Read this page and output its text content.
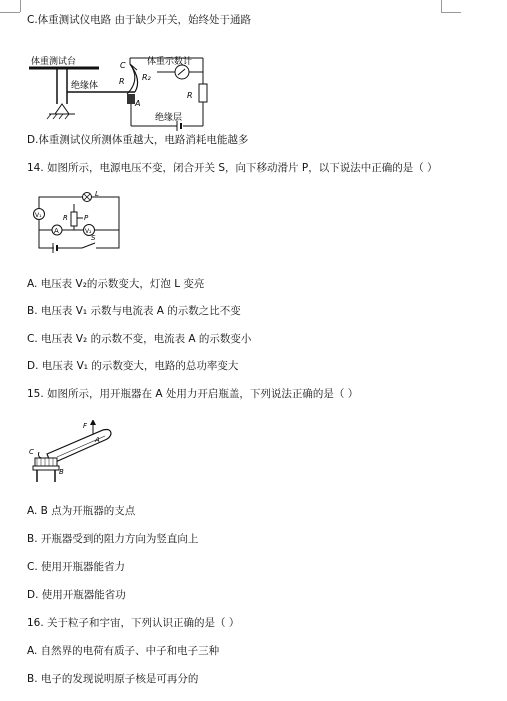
C.体重测试仪电路 由于缺少开关，始终处于通路
体重测试台
绝缘体
C
R R₂
A
体重示数计
R
绝缘层
D.体重测试仪所测体重越大，电路消耗电能越多
14. 如图所示，电源电压不变，闭合开关 S，向下移动滑片 P，以下说法中正确的是（ ）
L
V₁
A
R P
V₂
S
A. 电压表 V₂的示数变大，灯泡 L 变亮
B. 电压表 V₁ 示数与电流表 A 的示数之比不变
C. 电压表 V₂ 的示数不变，电流表 A 的示数变小
D. 电压表 V₁ 的示数变大，电路的总功率变大
15. 如图所示，用开瓶器在 A 处用力开启瓶盖，下列说法正确的是（ ）
F
A
C
B
A. B 点为开瓶器的支点
B. 开瓶器受到的阻力方向为竖直向上
C. 使用开瓶器能省力
D. 使用开瓶器能省功
16. 关于粒子和宇宙，下列认识正确的是（ ）
A. 自然界的电荷有质子、中子和电子三种
B. 电子的发现说明原子核是可再分的
